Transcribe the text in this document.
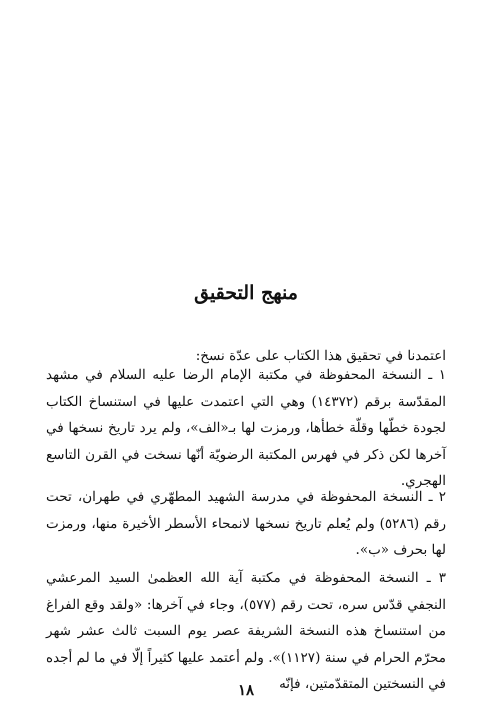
منهج التحقيق
اعتمدنا في تحقيق هذا الكتاب على عدّة نسخ:
١ ـ النسخة المحفوظة في مكتبة الإمام الرضا عليه السلام في مشهد المقدّسة برقم (١٤٣٧٢) وهي التي اعتمدت عليها في استنساخ الكتاب لجودة خطّها وقلّة خطأها، ورمزت لها بـ«الف»، ولم يرد تاريخ نسخها في آخرها لكن ذكر في فهرس المكتبة الرضويّة أنّها نسخت في القرن التاسع الهجري.
٢ ـ النسخة المحفوظة في مدرسة الشهيد المطهّري في طهران، تحت رقم (٥٢٨٦) ولم يُعلم تاريخ نسخها لانمحاء الأسطر الأخيرة منها، ورمزت لها بحرف «ب».
٣ ـ النسخة المحفوظة في مكتبة آية الله العظمىٰ السيد المرعشي النجفي قدّس سره، تحت رقم (٥٧٧)، وجاء في آخرها: «ولقد وقع الفراغ من استنساخ هذه النسخة الشريفة عصر يوم السبت ثالث عشر شهر محرّم الحرام في سنة (١١٢٧)». ولم أعتمد عليها كثيراً إلّا في ما لم أجده في النسختين المتقدّمتين، فإنّه
١٨
